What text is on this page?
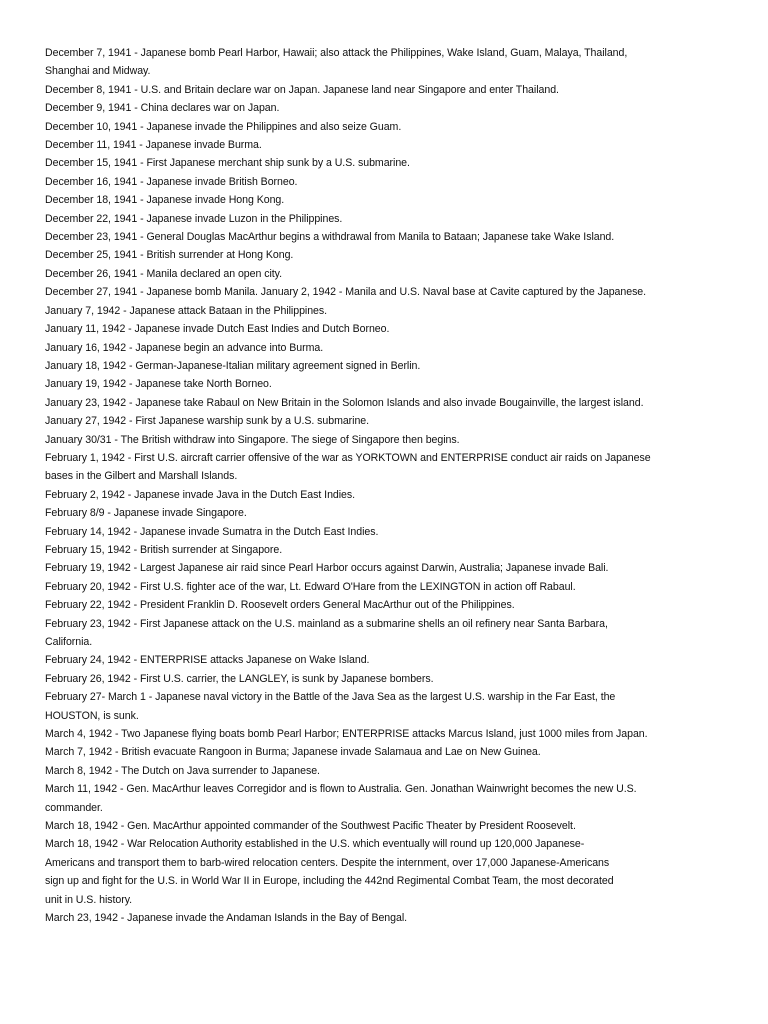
December 7, 1941 - Japanese bomb Pearl Harbor, Hawaii; also attack the Philippines, Wake Island, Guam, Malaya, Thailand,
Shanghai and Midway.

December 8, 1941 - U.S. and Britain declare war on Japan. Japanese land near Singapore and enter Thailand.

December 9, 1941 - China declares war on Japan.

December 10, 1941 - Japanese invade the Philippines and also seize Guam.

December 11, 1941 - Japanese invade Burma.

December 15, 1941 - First Japanese merchant ship sunk by a U.S. submarine.

December 16, 1941 - Japanese invade British Borneo.

December 18, 1941 - Japanese invade Hong Kong.

December 22, 1941 - Japanese invade Luzon in the Philippines.

December 23, 1941 - General Douglas MacArthur begins a withdrawal from Manila to Bataan; Japanese take Wake Island.

December 25, 1941 - British surrender at Hong Kong.

December 26, 1941 - Manila declared an open city.

December 27, 1941 - Japanese bomb Manila. January 2, 1942 - Manila and U.S. Naval base at Cavite captured by the Japanese.

January 7, 1942 - Japanese attack Bataan in the Philippines.

January 11, 1942 - Japanese invade Dutch East Indies and Dutch Borneo.

January 16, 1942 - Japanese begin an advance into Burma.

January 18, 1942 - German-Japanese-Italian military agreement signed in Berlin.

January 19, 1942 - Japanese take North Borneo.

January 23, 1942 - Japanese take Rabaul on New Britain in the Solomon Islands and also invade Bougainville, the largest island.

January 27, 1942 - First Japanese warship sunk by a U.S. submarine.

January 30/31 - The British withdraw into Singapore. The siege of Singapore then begins.

February 1, 1942 - First U.S. aircraft carrier offensive of the war as YORKTOWN and ENTERPRISE conduct air raids on Japanese
bases in the Gilbert and Marshall Islands.

February 2, 1942 - Japanese invade Java in the Dutch East Indies.

February 8/9 - Japanese invade Singapore.

February 14, 1942 - Japanese invade Sumatra in the Dutch East Indies.

February 15, 1942 - British surrender at Singapore.

February 19, 1942 - Largest Japanese air raid since Pearl Harbor occurs against Darwin, Australia; Japanese invade Bali.

February 20, 1942 - First U.S. fighter ace of the war, Lt. Edward O'Hare from the LEXINGTON in action off Rabaul.

February 22, 1942 - President Franklin D. Roosevelt orders General MacArthur out of the Philippines.

February 23, 1942 - First Japanese attack on the U.S. mainland as a submarine shells an oil refinery near Santa Barbara,
California.

February 24, 1942 - ENTERPRISE attacks Japanese on Wake Island.

February 26, 1942 - First U.S. carrier, the LANGLEY, is sunk by Japanese bombers.

February 27- March 1 - Japanese naval victory in the Battle of the Java Sea as the largest U.S. warship in the Far East, the
HOUSTON, is sunk.

March 4, 1942 - Two Japanese flying boats bomb Pearl Harbor; ENTERPRISE attacks Marcus Island, just 1000 miles from Japan.

March 7, 1942 - British evacuate Rangoon in Burma; Japanese invade Salamaua and Lae on New Guinea.

March 8, 1942 - The Dutch on Java surrender to Japanese.

March 11, 1942 - Gen. MacArthur leaves Corregidor and is flown to Australia. Gen. Jonathan Wainwright becomes the new U.S.
commander.

March 18, 1942 - Gen. MacArthur appointed commander of the Southwest Pacific Theater by President Roosevelt.

March 18, 1942 - War Relocation Authority established in the U.S. which eventually will round up 120,000 Japanese-
Americans and transport them to barb-wired relocation centers. Despite the internment, over 17,000 Japanese-Americans
sign up and fight for the U.S. in World War II in Europe, including the 442nd Regimental Combat Team, the most decorated
unit in U.S. history.

March 23, 1942 - Japanese invade the Andaman Islands in the Bay of Bengal.
